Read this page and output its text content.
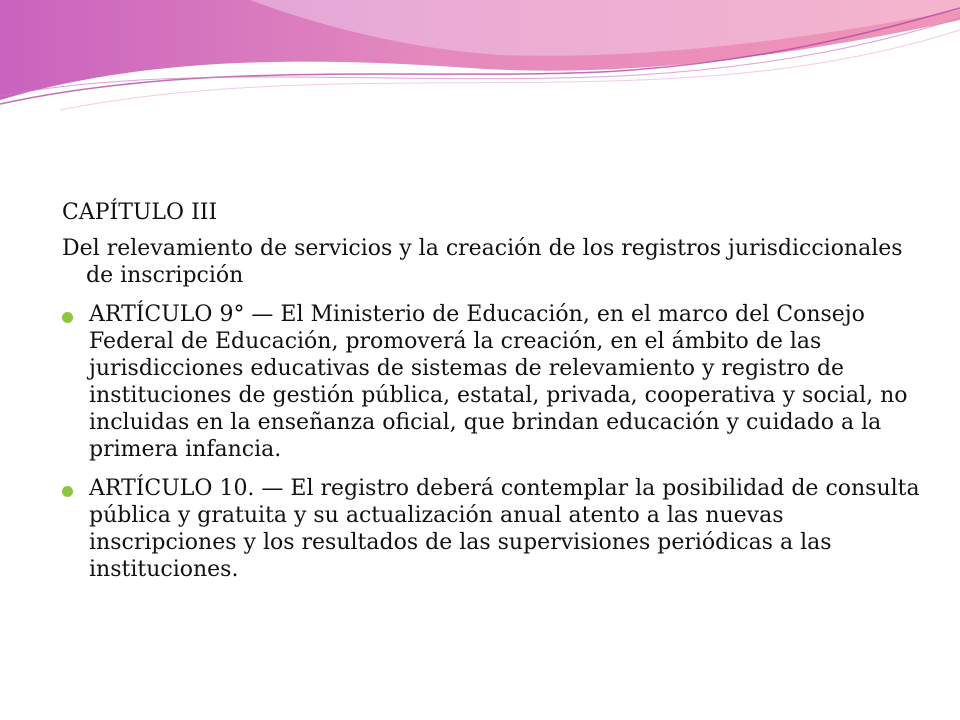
CAPÍTULO III

Del relevamiento de servicios y la creación de los registros jurisdiccionales de inscripción

ARTÍCULO 9° — El Ministerio de Educación, en el marco del Consejo Federal de Educación, promoverá la creación, en el ámbito de las jurisdicciones educativas de sistemas de relevamiento y registro de instituciones de gestión pública, estatal, privada, cooperativa y social, no incluidas en la enseñanza oficial, que brindan educación y cuidado a la primera infancia.

ARTÍCULO 10. — El registro deberá contemplar la posibilidad de consulta pública y gratuita y su actualización anual atento a las nuevas inscripciones y los resultados de las supervisiones periódicas a las instituciones.
